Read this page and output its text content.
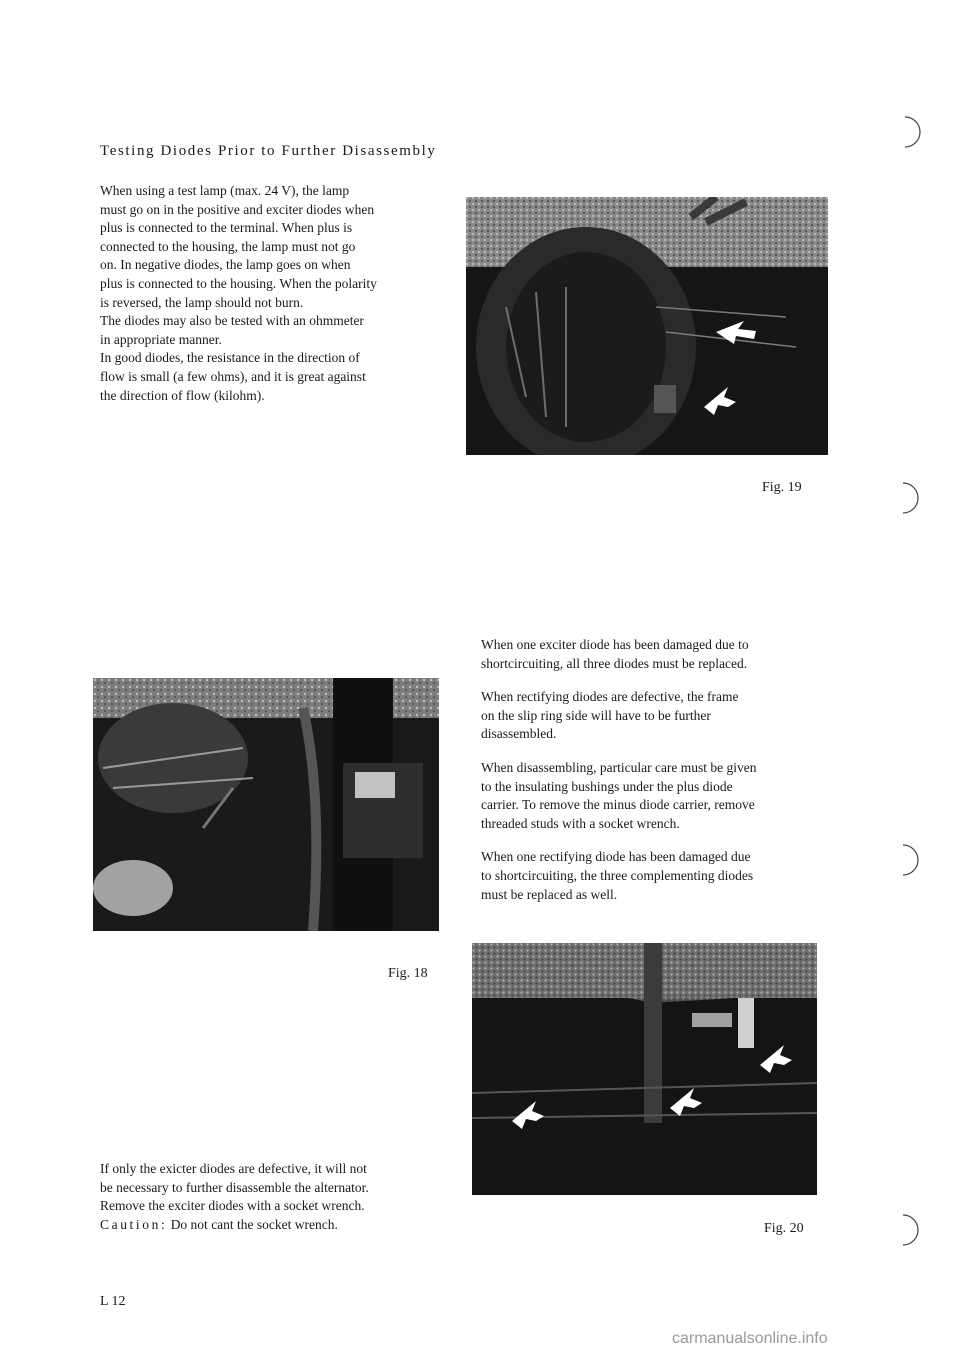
Testing Diodes Prior to Further Disassembly

When using a test lamp (max. 24 V), the lamp

must go on in the positive and exciter diodes when

plus is connected to the terminal. When plus is

connected to the housing, the lamp must not go

on. In negative diodes, the lamp goes on when

plus is connected to the housing. When the polarity

is reversed, the lamp should not burn.

The diodes may also be tested with an ohmmeter

in appropriate manner.

In good diodes, the resistance in the direction of

flow is small (a few ohms), and it is great against

the direction of flow (kilohm).

Fig. 19
Fig. 18

When one exciter diode has been damaged due to
shortcircuiting, all three diodes must be replaced.

When rectifying diodes are defective, the frame
on the slip ring side will have to be further
disassembled.

When disassembling, particular care must be given
to the insulating bushings under the plus diode
carrier. To remove the minus diode carrier, remove
threaded studs with a socket wrench.

When one rectifying diode has been damaged due
to shortcircuiting, the three complementing diodes
must be replaced as well.

Fig. 20

If only the exicter diodes are defective, it will not

be necessary to further disassemble the alternator.

Remove the exciter diodes with a socket wrench.

Caution: Do not cant the socket wrench.

L 12
carmanualsonline.info
